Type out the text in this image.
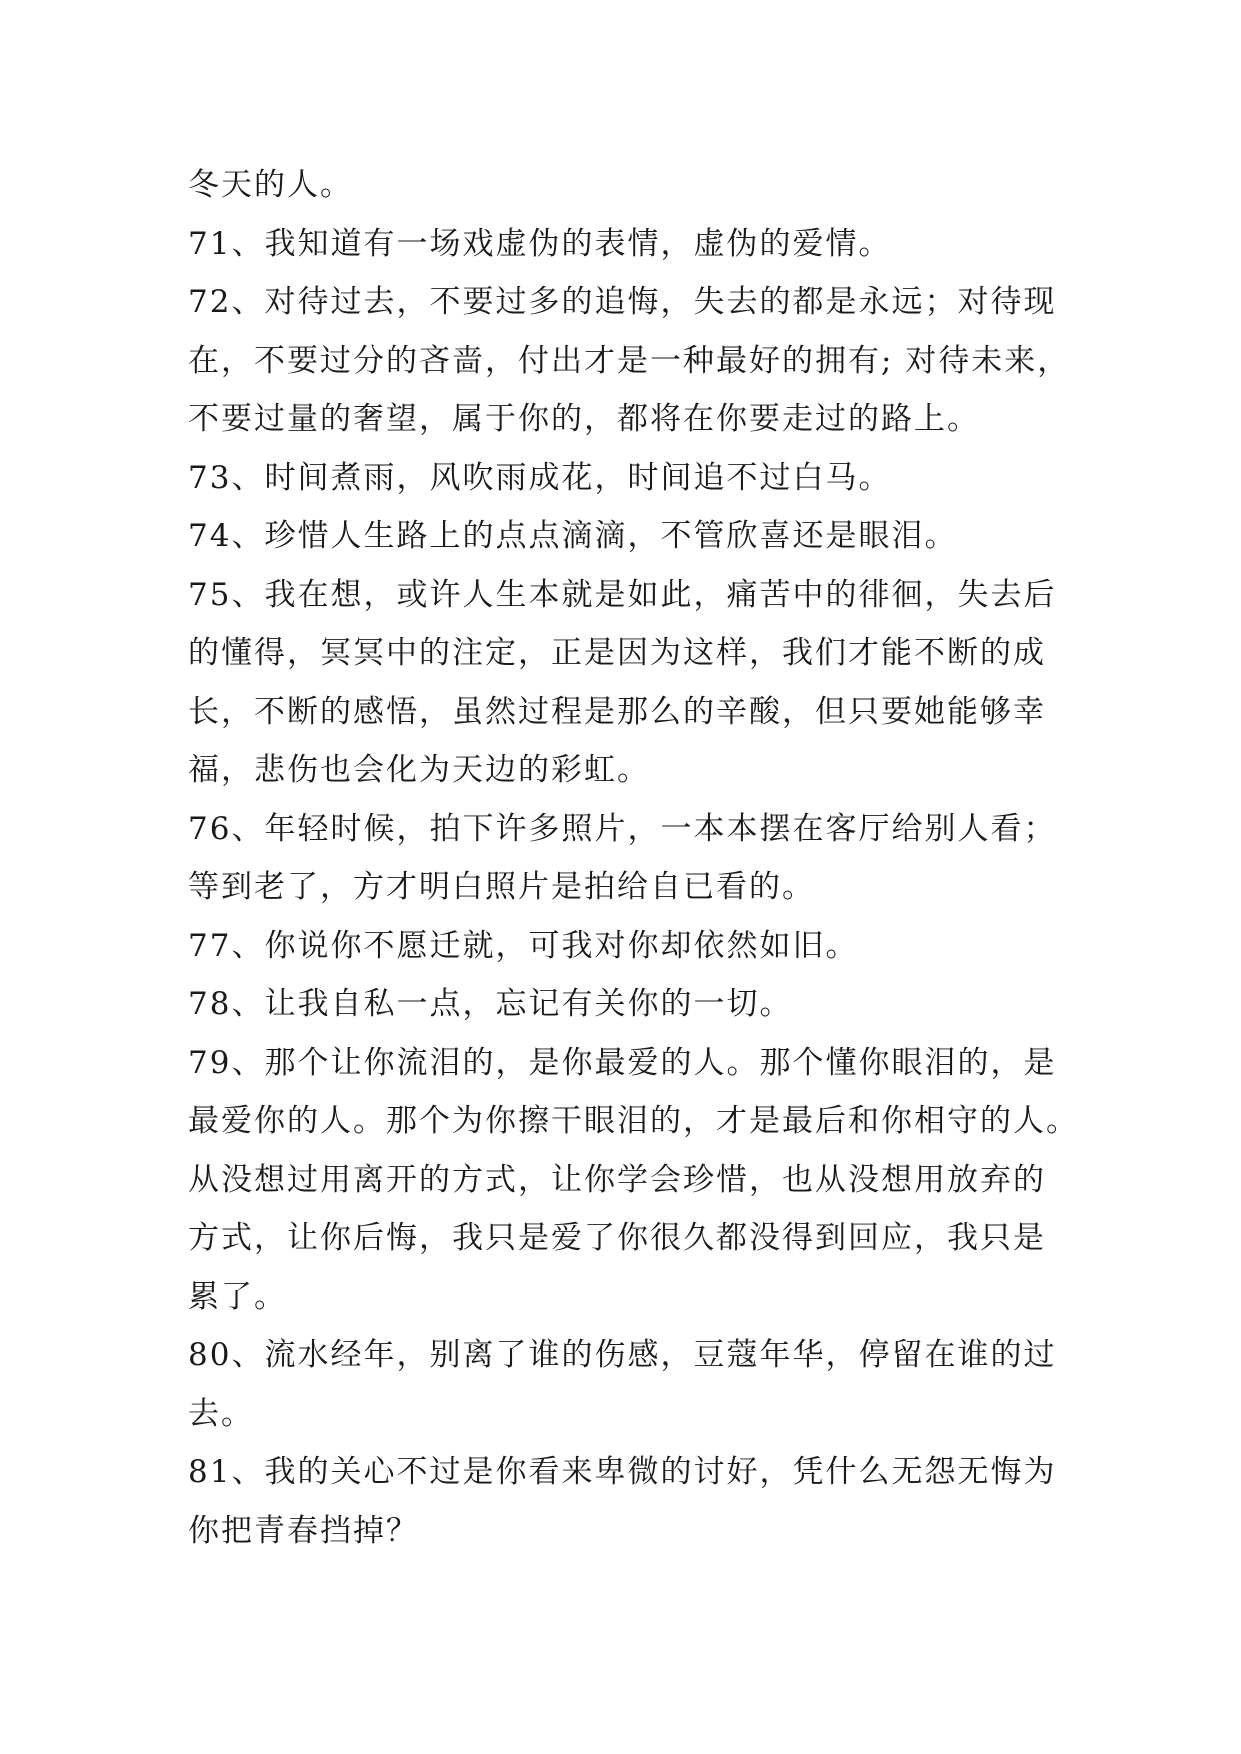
冬天的人。
71、我知道有一场戏虚伪的表情，虚伪的爱情。
72、对待过去，不要过多的追悔，失去的都是永远；对待现
在，不要过分的吝啬，付出才是一种最好的拥有; 对待未来，
不要过量的奢望，属于你的，都将在你要走过的路上。
73、时间煮雨，风吹雨成花，时间追不过白马。
74、珍惜人生路上的点点滴滴，不管欣喜还是眼泪。
75、我在想，或许人生本就是如此，痛苦中的徘徊，失去后
的懂得，冥冥中的注定，正是因为这样，我们才能不断的成
长，不断的感悟，虽然过程是那么的辛酸，但只要她能够幸
福，悲伤也会化为天边的彩虹。
76、年轻时候，拍下许多照片，一本本摆在客厅给别人看；
等到老了，方才明白照片是拍给自已看的。
77、你说你不愿迁就，可我对你却依然如旧。
78、让我自私一点，忘记有关你的一切。
79、那个让你流泪的，是你最爱的人。那个懂你眼泪的，是
最爱你的人。那个为你擦干眼泪的，才是最后和你相守的人。
从没想过用离开的方式，让你学会珍惜，也从没想用放弃的
方式，让你后悔，我只是爱了你很久都没得到回应，我只是
累了。
80、流水经年，别离了谁的伤感，豆蔻年华，停留在谁的过
去。
81、我的关心不过是你看来卑微的讨好，凭什么无怨无悔为
你把青春挡掉？
